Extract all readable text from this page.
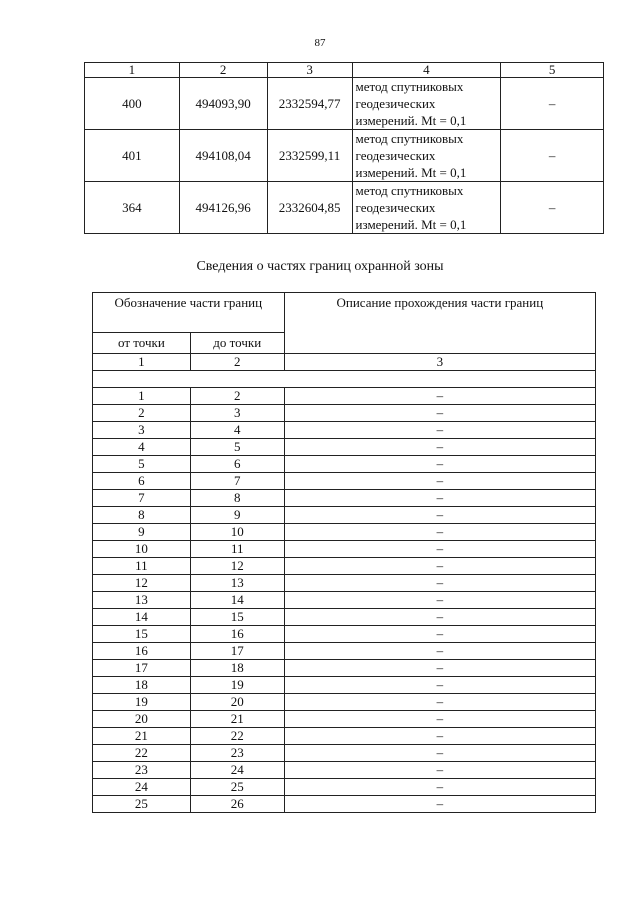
87
1	2	3	4	5
400	494093,90	2332594,77	метод спутниковых
геодезических
измерений. Mt = 0,1	–
401	494108,04	2332599,11	метод спутниковых
геодезических
измерений. Mt = 0,1	–
364	494126,96	2332604,85	метод спутниковых
геодезических
измерений. Mt = 0,1	–
Сведения о частях границ охранной зоны
Обозначение части границ		Описание прохождения части границ
от точки	до точки	
1	2	3

1	2	–
2	3	–
3	4	–
4	5	–
5	6	–
6	7	–
7	8	–
8	9	–
9	10	–
10	11	–
11	12	–
12	13	–
13	14	–
14	15	–
15	16	–
16	17	–
17	18	–
18	19	–
19	20	–
20	21	–
21	22	–
22	23	–
23	24	–
24	25	–
25	26	–
